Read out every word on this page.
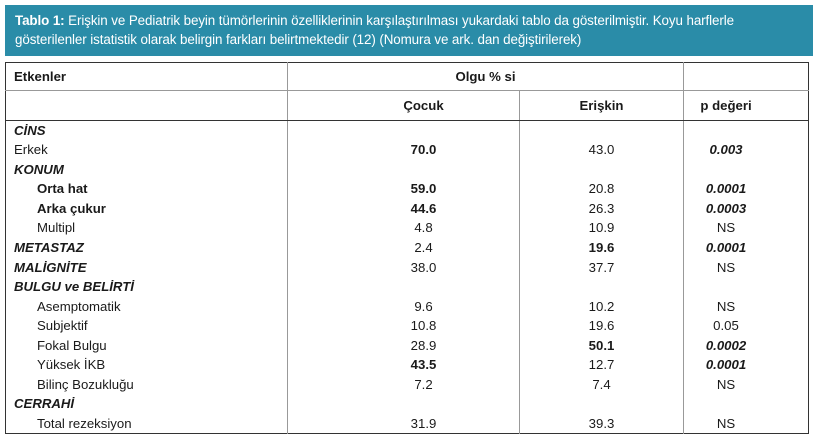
Tablo 1: Erişkin ve Pediatrik beyin tümörlerinin özelliklerinin karşılaştırılması yukardaki tablo da gösterilmiştir. Koyu harflerle gösterilenler istatistik olarak belirgin farkları belirtmektedir (12) (Nomura ve ark. dan değiştirilerek)
Etkenler	Olgu % si		
	Çocuk	Erişkin	p değeri
CİNS			
Erkek	70.0	43.0	0.003
KONUM			
Orta hat	59.0	20.8	0.0001
Arka çukur	44.6	26.3	0.0003
Multipl	4.8	10.9	NS
METASTAZ	2.4	19.6	0.0001
MALİGNİTE	38.0	37.7	NS
BULGU ve BELİRTİ			
Asemptomatik	9.6	10.2	NS
Subjektif	10.8	19.6	0.05
Fokal Bulgu	28.9	50.1	0.0002
Yüksek İKB	43.5	12.7	0.0001
Bilinç Bozukluğu	7.2	7.4	NS
CERRAHİ			
Total rezeksiyon	31.9	39.3	NS
